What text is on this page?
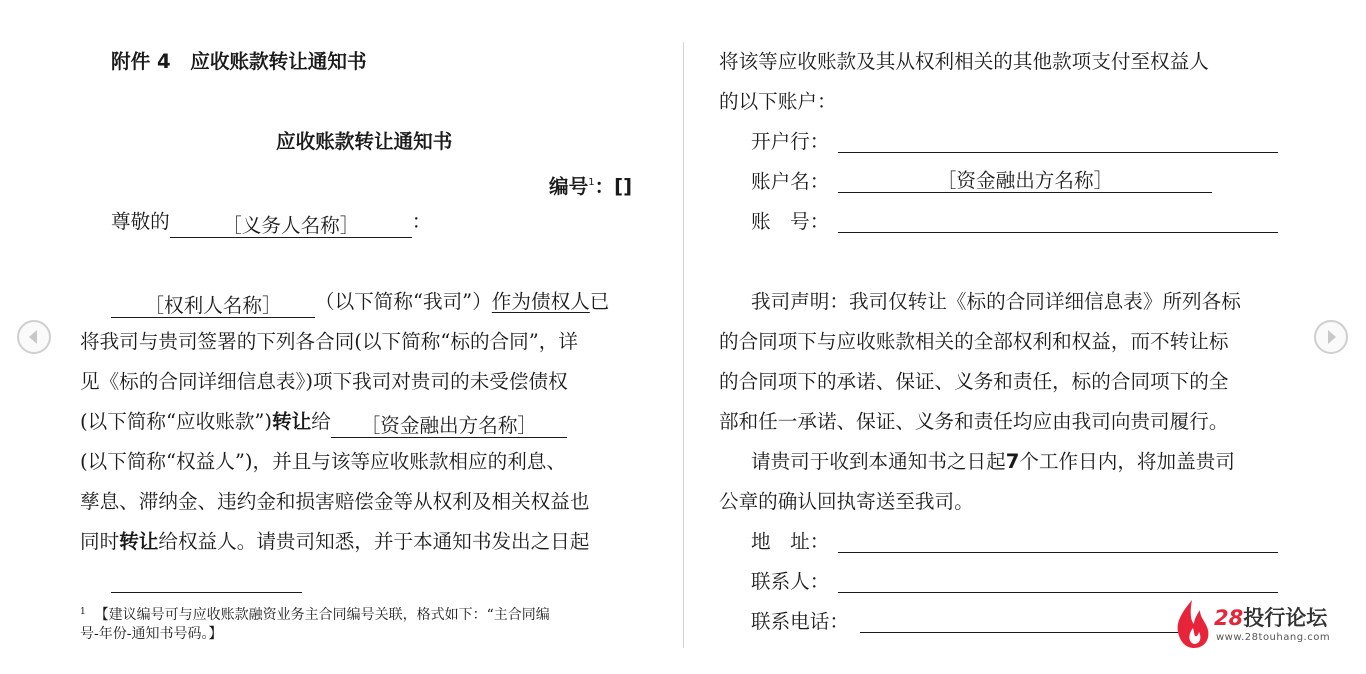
附件 4　应收账款转让通知书
应收账款转让通知书
编号$^1$：[]
尊敬的	［义务人名称］	：
［权利人名称］ （以下简称“我司”）作为债权人已
将我司与贵司签署的下列各合同(以下简称“标的合同”，详
见《标的合同详细信息表》)项下我司对贵司的未受偿债权
(以下简称“应收账款”)转让给 ［资金融出方名称］
(以下简称“权益人”)，并且与该等应收账款相应的利息、
孳息、滞纳金、违约金和损害赔偿金等从权利及相关权益也
同时转让给权益人。请贵司知悉，并于本通知书发出之日起
$^1$ 【建议编号可与应收账款融资业务主合同编号关联，格式如下：“主合同编
号-年份-通知书号码。】
将该等应收账款及其从权利相关的其他款项支付至权益人
的以下账户：
开户行：
账户名：	［资金融出方名称］
账　号：
我司声明：我司仅转让《标的合同详细信息表》所列各标
的合同项下与应收账款相关的全部权利和权益，而不转让标
的合同项下的承诺、保证、义务和责任，标的合同项下的全
部和任一承诺、保证、义务和责任均应由我司向贵司履行。
请贵司于收到本通知书之日起7个工作日内，将加盖贵司
公章的确认回执寄送至我司。
地　址：
联系人：
联系电话：	28投行论坛
www.28touhang.com
